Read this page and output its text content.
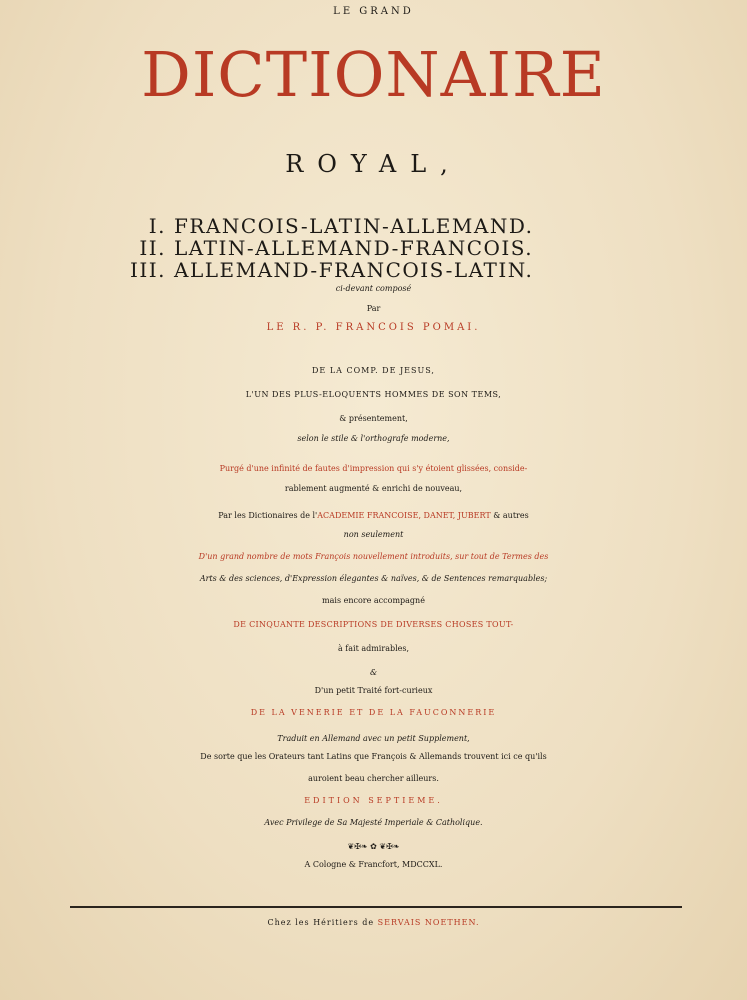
LE GRAND
DICTIONAIRE
ROYAL,
I. FRANCOIS-LATIN-ALLEMAND.
II. LATIN-ALLEMAND-FRANCOIS.
III. ALLEMAND-FRANCOIS-LATIN.
ci-devant composé
Par
LE R. P. FRANCOIS POMAI.
DE LA COMP. DE JESUS,
L'UN DES PLUS-ELOQUENTS HOMMES DE SON TEMS,
& présentement,
selon le stile & l'orthografe moderne,
Purgé d'une infinité de fautes d'impression qui s'y étoient glissées, conside-
rablement augmenté & enrichi de nouveau,
Par les Dictionaires de l'ACADEMIE FRANCOISE, DANET, JUBERT & autres
non seulement
D'un grand nombre de mots François nouvellement introduits, sur tout de Termes des
Arts & des sciences, d'Expression élegantes & naïves, & de Sentences remarquables;
mais encore accompagné
DE CINQUANTE DESCRIPTIONS DE DIVERSES CHOSES TOUT-
à fait admirables,
&
D'un petit Traité fort-curieux
DE LA VENERIE ET DE LA FAUCONNERIE
Traduit en Allemand avec un petit Supplement,
De sorte que les Orateurs tant Latins que François & Allemands trouvent ici ce qu'ils
auroient beau chercher ailleurs.
EDITION SEPTIEME.
Avec Privilege de Sa Majesté Imperiale & Catholique.
❦✠❧ ✿ ❦✠❧
A Cologne & Francfort, MDCCXL.
Chez les Héritiers de SERVAIS NOETHEN.
